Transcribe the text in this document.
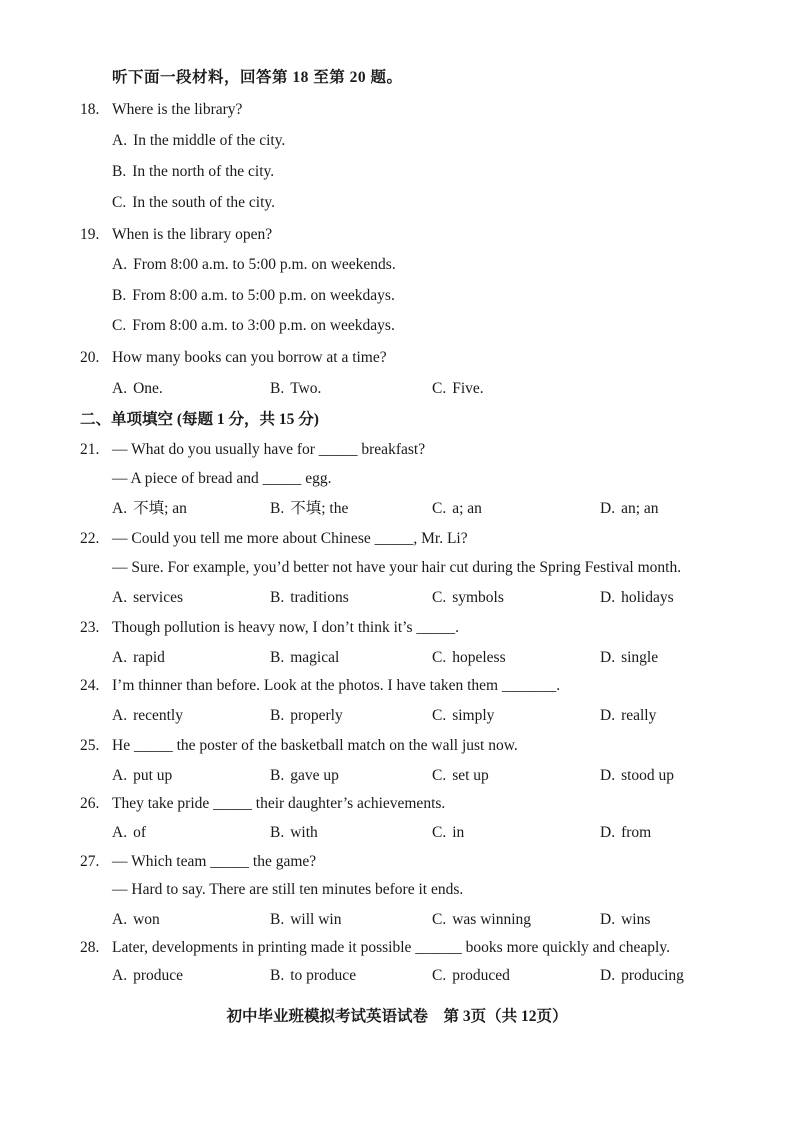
听下面一段材料，回答第 18 至第 20 题。
18. Where is the library?
A. In the middle of the city.
B. In the north of the city.
C. In the south of the city.
19. When is the library open?
A. From 8:00 a.m. to 5:00 p.m. on weekends.
B. From 8:00 a.m. to 5:00 p.m. on weekdays.
C. From 8:00 a.m. to 3:00 p.m. on weekdays.
20. How many books can you borrow at a time?
A. One.	B. Two.	C. Five.
二、单项填空 (每题 1 分，共 15 分)
21. — What do you usually have for _____ breakfast?
— A piece of bread and _____ egg.
A. 不填; an	B. 不填; the	C. a; an	D. an; an
22. — Could you tell me more about Chinese _____, Mr. Li?
— Sure. For example, you’d better not have your hair cut during the Spring Festival month.
A. services	B. traditions	C. symbols	D. holidays
23. Though pollution is heavy now, I don’t think it’s _____.
A. rapid	B. magical	C. hopeless	D. single
24. I’m thinner than before. Look at the photos. I have taken them _______.
A. recently	B. properly	C. simply	D. really
25. He _____ the poster of the basketball match on the wall just now.
A. put up	B. gave up	C. set up	D. stood up
26. They take pride _____ their daughter’s achievements.
A. of	B. with	C. in	D. from
27. — Which team _____ the game?
— Hard to say. There are still ten minutes before it ends.
A. won	B. will win	C. was winning	D. wins
28. Later, developments in printing made it possible ______ books more quickly and cheaply.
A. produce	B. to produce	C. produced	D. producing
初中毕业班模拟考试英语试卷　第 3页（共 12页）
